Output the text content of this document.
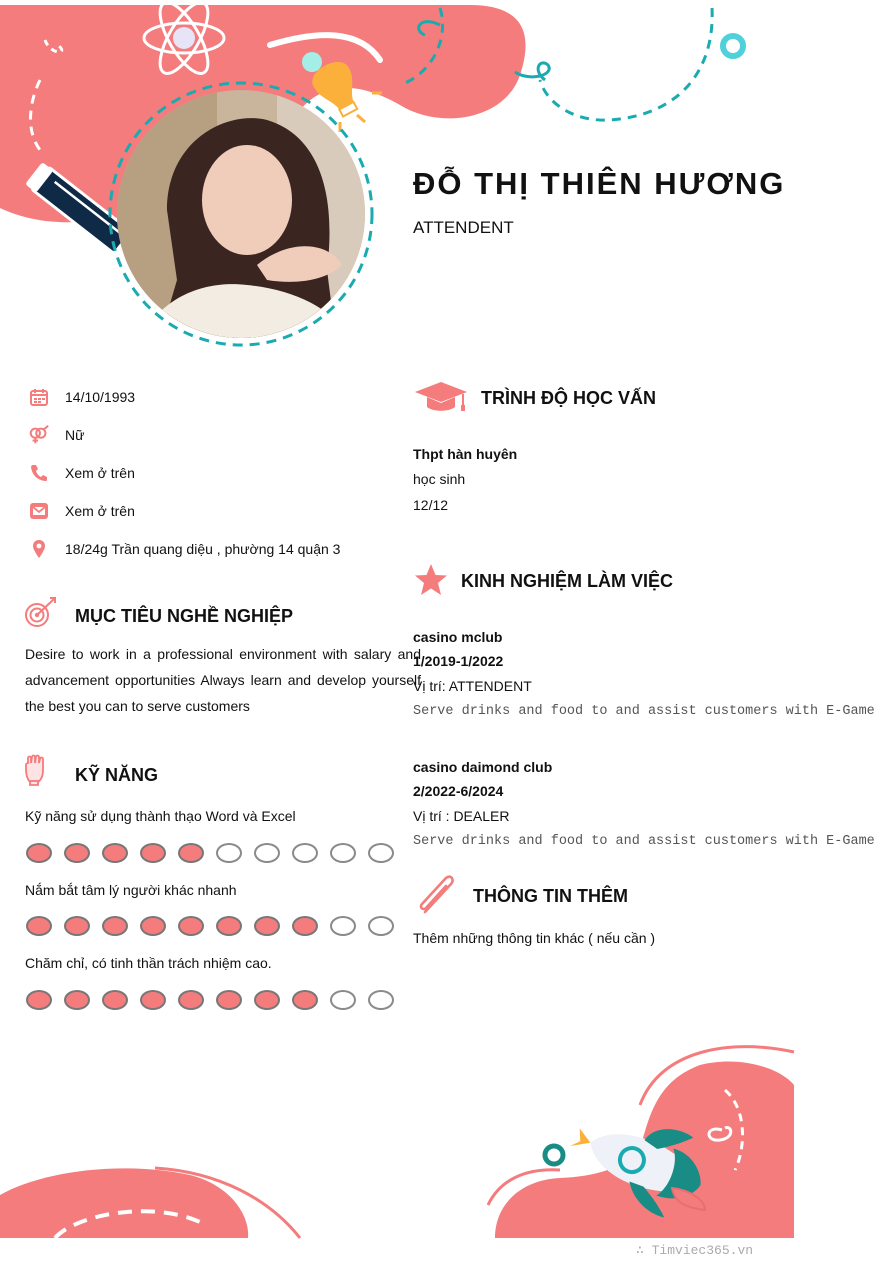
ĐỖ THỊ THIÊN HƯƠNG
ATTENDENT
14/10/1993
Nữ
Xem ở trên
Xem ở trên
18/24g Trần quang diệu , phường 14 quận 3
MỤC TIÊU NGHỀ NGHIỆP
Desire to work in a professional environment with salary and
advancement opportunities Always learn and develop yourself
the best you can to serve customers
KỸ NĂNG
Kỹ năng sử dụng thành thạo Word và Excel
Nắm bắt tâm lý người khác nhanh
Chăm chỉ, có tinh thần trách nhiệm cao.
TRÌNH ĐỘ HỌC VẤN
Thpt hàn huyên
học sinh
12/12
KINH NGHIỆM LÀM VIỆC
casino mclub
1/2019-1/2022
Vị trí: ATTENDENT
Serve drinks and food to and assist customers with E-Game
casino daimond club
2/2022-6/2024
Vị trí : DEALER
Serve drinks and food to and assist customers with E-Game
THÔNG TIN THÊM
Thêm những thông tin khác ( nếu cần )
∴ Timviec365.vn
